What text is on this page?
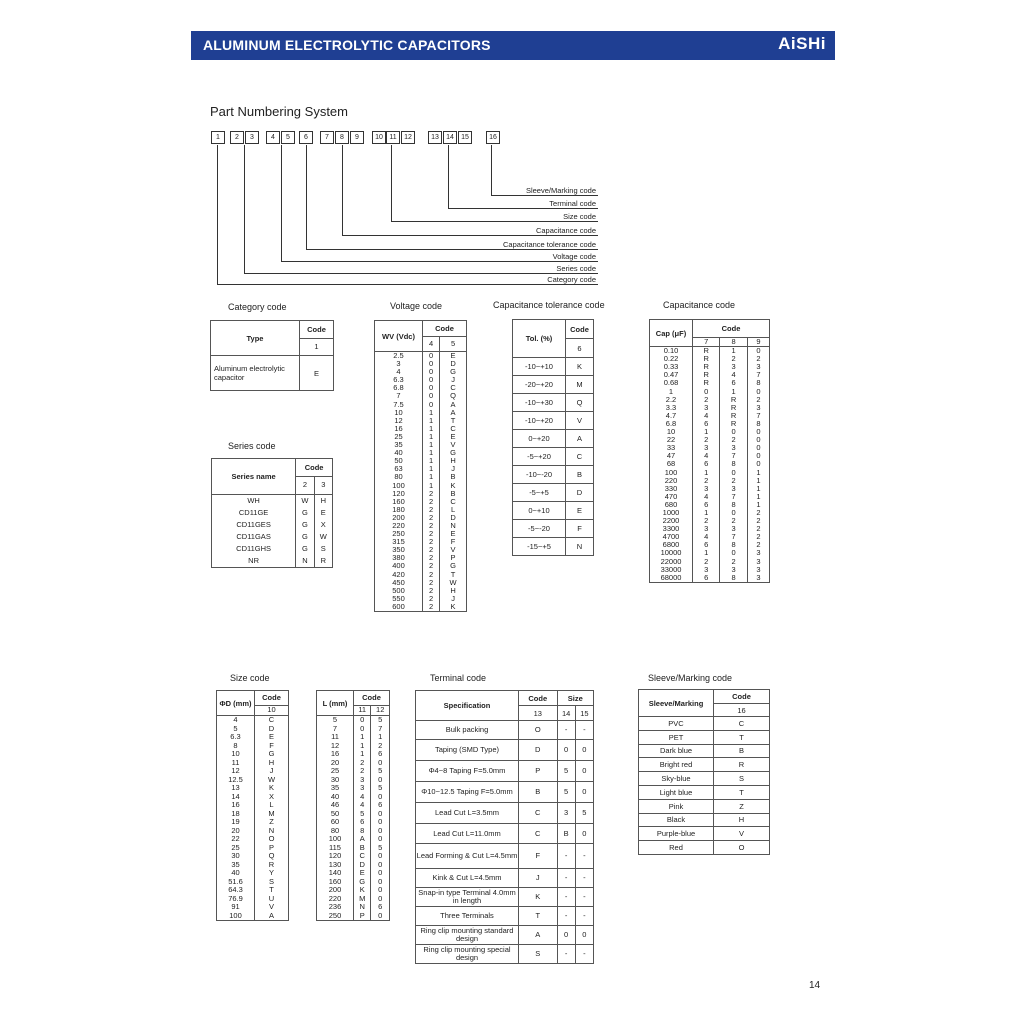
ALUMINUM ELECTROLYTIC CAPACITORS	AiSHi
Part Numbering System
1	2	3	4	5	6	7	8	9	10 11	12	13	14	15	16
Sleeve/Marking code
Terminal code
Size code
Capacitance code
Capacitance tolerance code
Voltage code
Series code
Category code
Category code
Type	Code
	1
Aluminum electrolytic capacitor	E
Series code
Series name	Code	
	2	3
WH	W	H
CD11GE	G	E
CD11GES	G	X
CD11GAS	G	W
CD11GHS	G	S
NR	N	R
Voltage code
WV (Vdc)	Code	
	4	5
2.5	0	E
3	0	D
4	0	G
6.3	0	J
6.8	0	C
7	0	Q
7.5	0	A
10	1	A
12	1	T
16	1	C
25	1	E
35	1	V
40	1	G
50	1	H
63	1	J
80	1	B
100	1	K
120	2	B
160	2	C
180	2	L
200	2	D
220	2	N
250	2	E
315	2	F
350	2	V
380	2	P
400	2	G
420	2	T
450	2	W
500	2	H
550	2	J
600	2	K
Capacitance tolerance code
Tol. (%)	Code
	6
-10~+10	K
-20~+20	M
-10~+30	Q
-10~+20	V
0~+20	A
-5~+20	C
-10~-20	B
-5~+5	D
0~+10	E
-5~-20	F
-15~+5	N
Capacitance code
Cap (μF)	Code		
	7	8	9
0.10	R	1	0
0.22	R	2	2
0.33	R	3	3
0.47	R	4	7
0.68	R	6	8
1	0	1	0
2.2	2	R	2
3.3	3	R	3
4.7	4	R	7
6.8	6	R	8
10	1	0	0
22	2	2	0
33	3	3	0
47	4	7	0
68	6	8	0
100	1	0	1
220	2	2	1
330	3	3	1
470	4	7	1
680	6	8	1
1000	1	0	2
2200	2	2	2
3300	3	3	2
4700	4	7	2
6800	6	8	2
10000	1	0	3
22000	2	2	3
33000	3	3	3
68000	6	8	3
Size code
ΦD (mm)	Code
	10
4	C
5	D
6.3	E
8	F
10	G
11	H
12	J
12.5	W
13	K
14	X
16	L
18	M
19	Z
20	N
22	O
25	P
30	Q
35	R
40	Y
51.6	S
64.3	T
76.9	U
91	V
100	A
L (mm)	Code	
	11	12
5	0	5
7	0	7
11	1	1
12	1	2
16	1	6
20	2	0
25	2	5
30	3	0
35	3	5
40	4	0
46	4	6
50	5	0
60	6	0
80	8	0
100	A	0
115	B	5
120	C	0
130	D	0
140	E	0
160	G	0
200	K	0
220	M	0
236	N	6
250	P	0
Terminal code
Specification	Code	Size	
	13	14	15
Bulk packing	O	-	-
Taping (SMD Type)	D	0	0
Φ4~8 Taping F=5.0mm	P	5	0
Φ10~12.5 Taping F=5.0mm	B	5	0
Lead Cut L=3.5mm	C	3	5
Lead Cut L=11.0mm	C	B	0
Lead Forming & Cut L=4.5mm	F	-	-
Kink & Cut L=4.5mm	J	-	-
Snap-in type Terminal 4.0mm in length	K	-	-
Three Terminals	T	-	-
Ring clip mounting standard design	A	0	0
Ring clip mounting special design	S	-	-
Sleeve/Marking code
Sleeve/Marking	Code
	16
PVC	C
PET	T
Dark blue	B
Bright red	R
Sky-blue	S
Light blue	T
Pink	Z
Black	H
Purple-blue	V
Red	O
14
